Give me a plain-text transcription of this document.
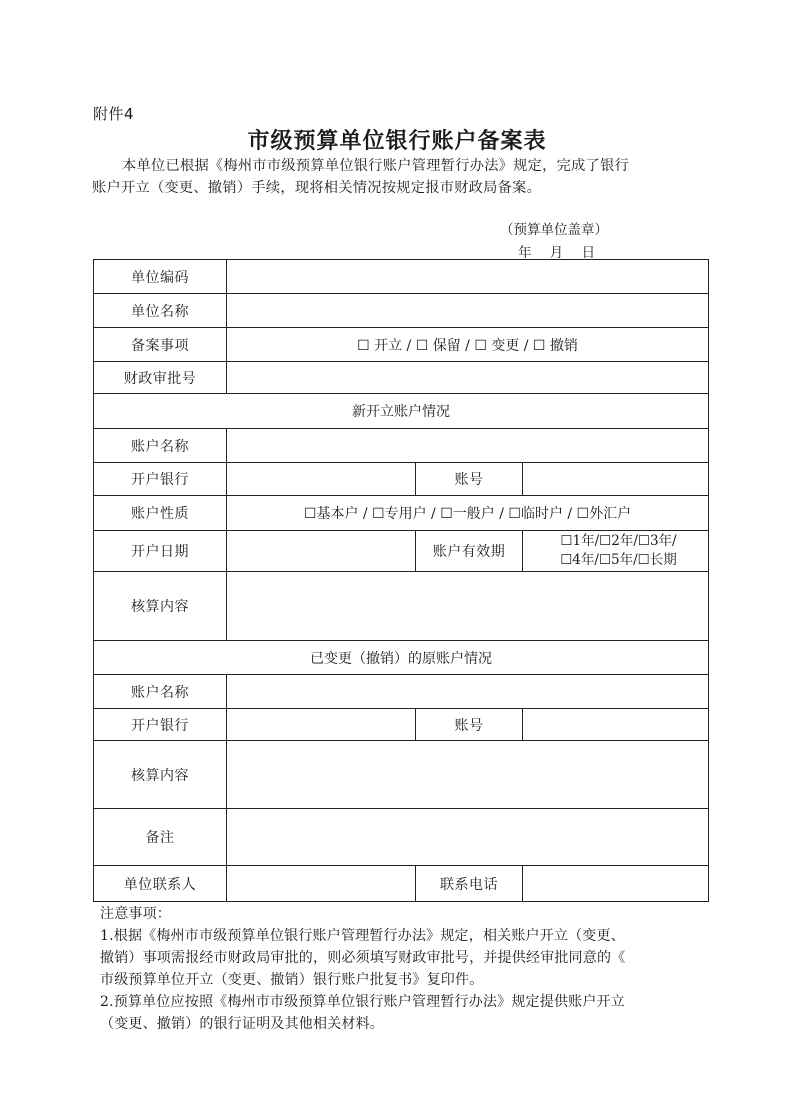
附件4
市级预算单位银行账户备案表

本单位已根据《梅州市市级预算单位银行账户管理暂行办法》规定，完成了银行

账户开立（变更、撤销）手续，现将相关情况按规定报市财政局备案。

（预算单位盖章）
年 月 日
单位编码			
单位名称			
备案事项	☐ 开立 / ☐ 保留 / ☐ 变更 / ☐ 撤销		
财政审批号			
新开立账户情况			
账户名称			
开户银行		账号	
账户性质	☐基本户 / ☐专用户 / ☐一般户 / ☐临时户 / ☐外汇户		
开户日期		账户有效期	☐1年/☐2年/☐3年/
☐4年/☐5年/☐长期

核算内容			
已变更（撤销）的原账户情况			
账户名称			
开户银行		账号	
核算内容			
备注			
单位联系人		联系电话	

注意事项：

1.根据《梅州市市级预算单位银行账户管理暂行办法》规定，相关账户开立（变更、

撤销）事项需报经市财政局审批的，则必须填写财政审批号，并提供经审批同意的《

市级预算单位开立（变更、撤销）银行账户批复书》复印件。

2.预算单位应按照《梅州市市级预算单位银行账户管理暂行办法》规定提供账户开立

（变更、撤销）的银行证明及其他相关材料。
